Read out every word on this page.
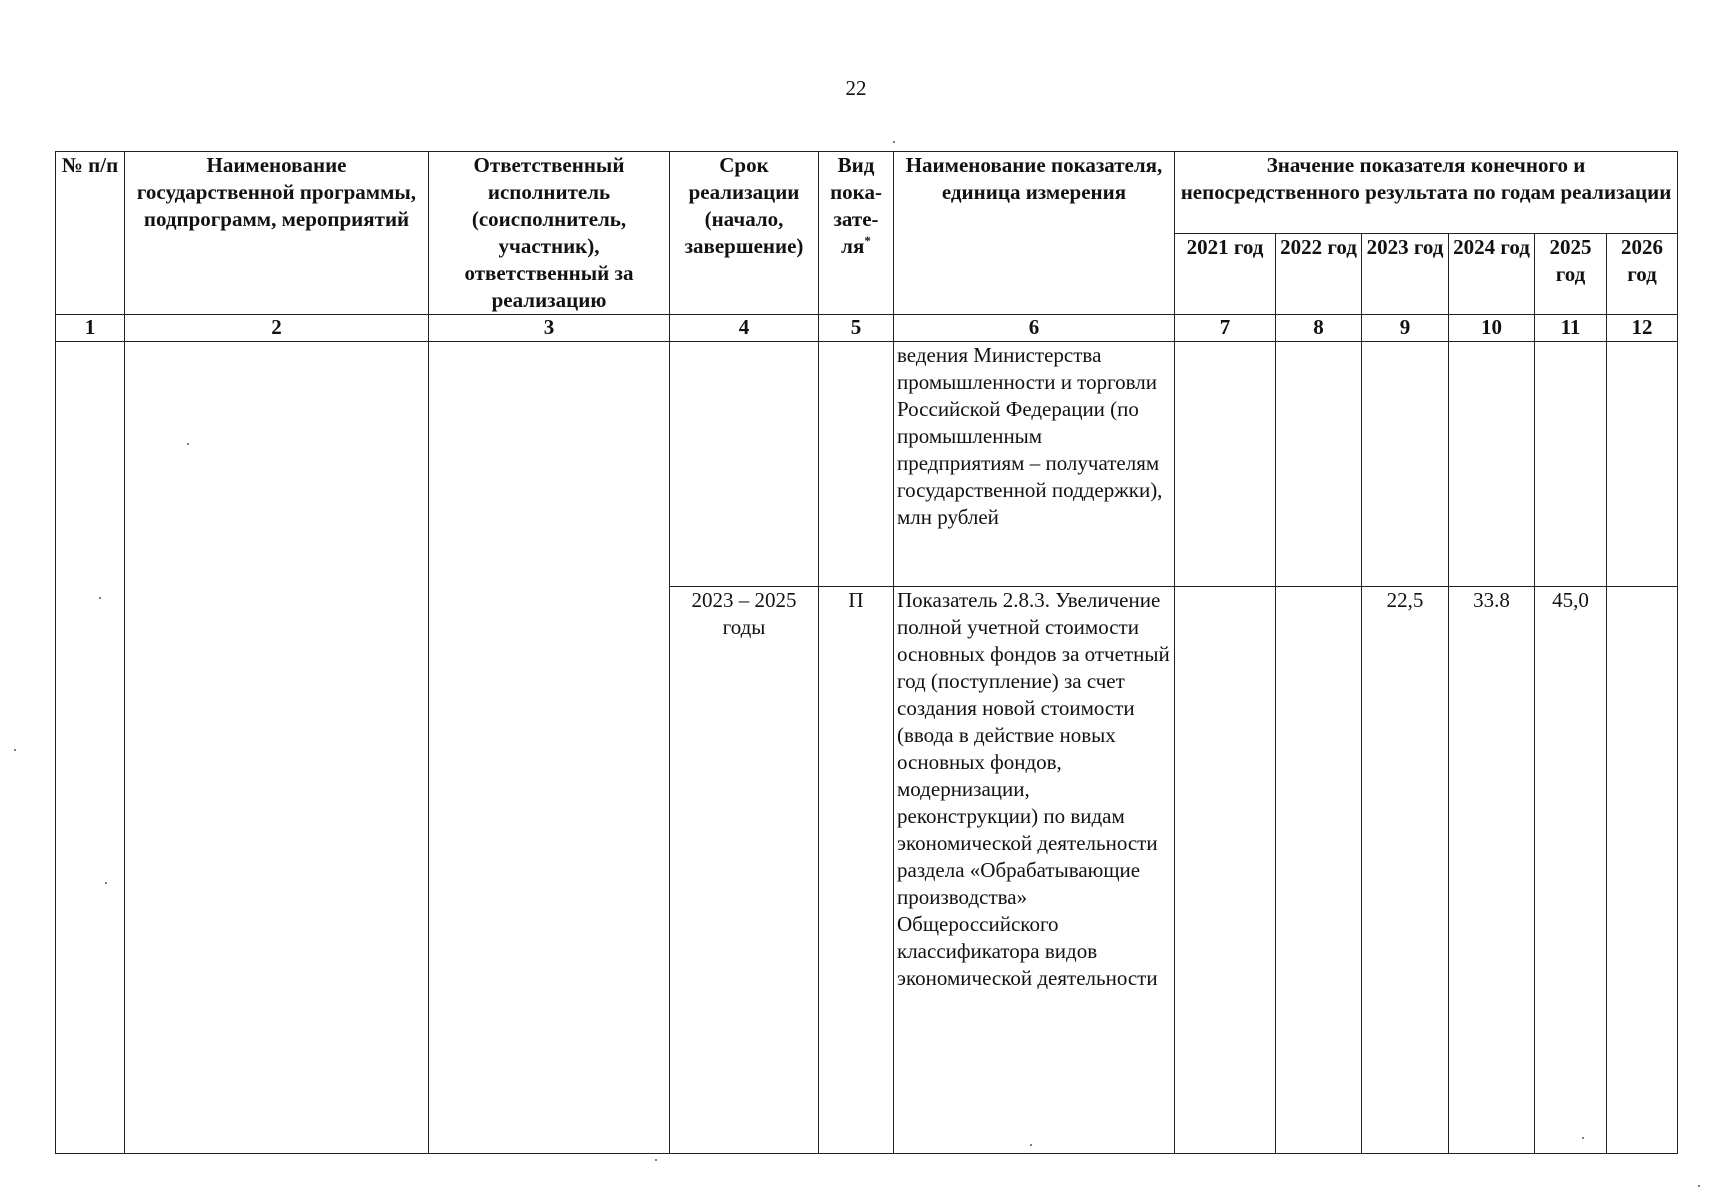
22
№ п/п	Наименование государственной программы, подпрограмм, мероприятий	Ответственный исполнитель (соисполнитель, участник), ответственный за реализацию	Срок реализации (начало, завершение)	Вид пока-зате-ля*	Наименование показателя, единица измерения	Значение показателя конечного и непосредственного результата по годам реализации					
						2021 год	2022 год	2023 год	2024 год	2025 год	2026 год
1	2	3	4	5	6	7	8	9	10	11	12
					ведения Министерства промышленности и торговли Российской Федерации (по промышленным предприятиям – получателям государственной поддержки), млн рублей						
			2023 – 2025 годы	П	Показатель 2.8.3. Увеличение полной учетной стоимости основных фондов за отчетный год (поступление) за счет создания новой стоимости (ввода в действие новых основных фондов, модернизации, реконструкции) по видам экономической деятельности раздела «Обрабатывающие производства» Общероссийского классификатора видов экономической деятельности			22,5	33.8	45,0	
